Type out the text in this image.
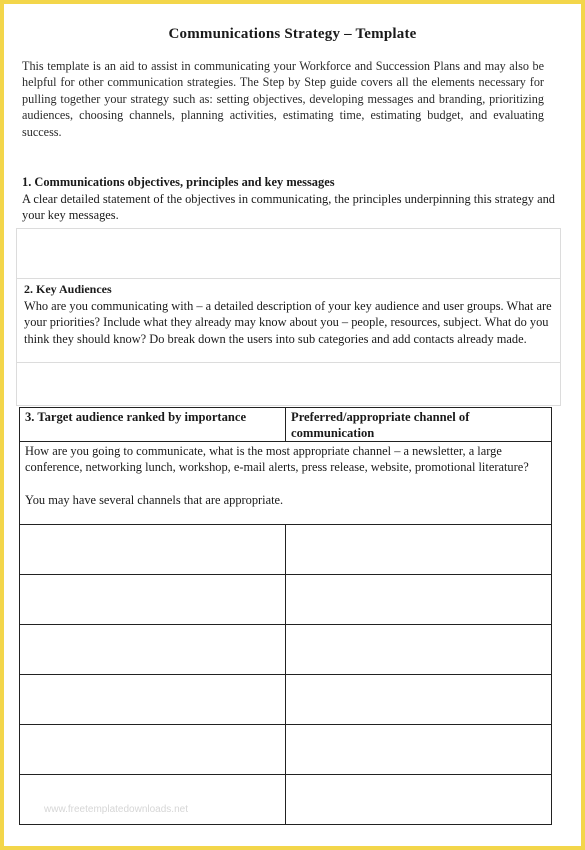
Communications Strategy – Template
This template is an aid to assist in communicating your Workforce and Succession Plans and may also be helpful for other communication strategies. The Step by Step guide covers all the elements necessary for pulling together your strategy such as: setting objectives, developing messages and branding, prioritizing audiences, choosing channels, planning activities, estimating time, estimating budget, and evaluating success.
1. Communications objectives, principles and key messages
A clear detailed statement of the objectives in communicating, the principles underpinning this strategy and your key messages.
2. Key Audiences
Who are you communicating with – a detailed description of your key audience and user groups. What are your priorities? Include what they already may know about you – people, resources, subject. What do you think they should know? Do break down the users into sub categories and add contacts already made.
3. Target audience ranked by importance	Preferred/appropriate channel of communication

How are you going to communicate, what is the most appropriate channel – a newsletter, a large conference, networking lunch, workshop, e-mail alerts, press release, website, promotional literature?

You may have several channels that are appropriate.	

www.freetemplatedownloads.net
